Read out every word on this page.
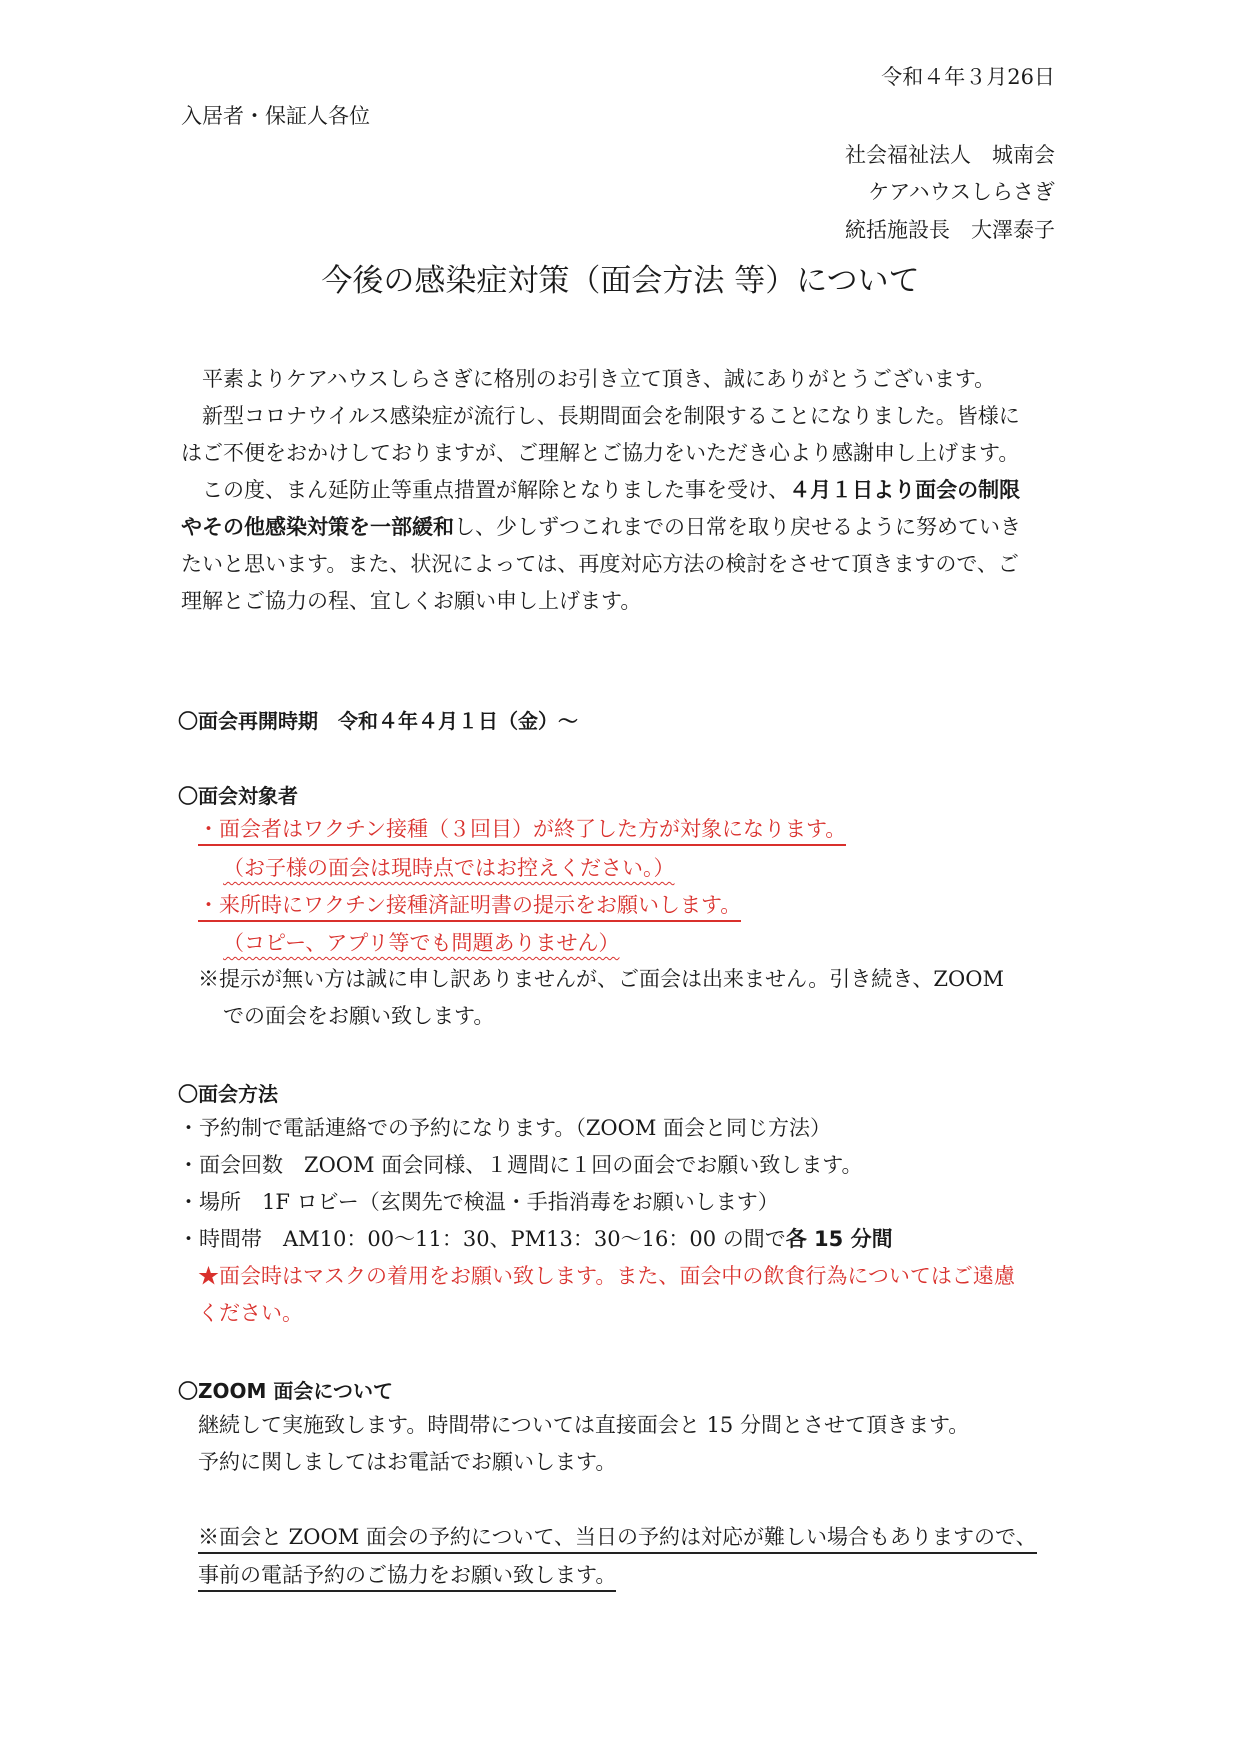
令和４年３月26日
入居者・保証人各位
社会福祉法人　城南会
ケアハウスしらさぎ
統括施設長　大澤泰子
今後の感染症対策（面会方法 等）について
平素よりケアハウスしらさぎに格別のお引き立て頂き、誠にありがとうございます。
新型コロナウイルス感染症が流行し、長期間面会を制限することになりました。皆様に
はご不便をおかけしておりますが、ご理解とご協力をいただき心より感謝申し上げます。
この度、まん延防止等重点措置が解除となりました事を受け、４月１日より面会の制限
やその他感染対策を一部緩和し、少しずつこれまでの日常を取り戻せるように努めていき
たいと思います。また、状況によっては、再度対応方法の検討をさせて頂きますので、ご
理解とご協力の程、宜しくお願い申し上げます。
〇面会再開時期　令和４年４月１日（金）～
〇面会対象者
・面会者はワクチン接種（３回目）が終了した方が対象になります。
（お子様の面会は現時点ではお控えください。）
・来所時にワクチン接種済証明書の提示をお願いします。
（コピー、アプリ等でも問題ありません）
※提示が無い方は誠に申し訳ありませんが、ご面会は出来ません。引き続き、ZOOM
での面会をお願い致します。
〇面会方法
・予約制で電話連絡での予約になります。（ZOOM 面会と同じ方法）
・面会回数　ZOOM 面会同様、１週間に１回の面会でお願い致します。
・場所　1F ロビー（玄関先で検温・手指消毒をお願いします）
・時間帯　AM10：00～11：30、PM13：30～16：00 の間で各 15 分間
★面会時はマスクの着用をお願い致します。また、面会中の飲食行為についてはご遠慮
ください。
〇ZOOM 面会について
継続して実施致します。時間帯については直接面会と 15 分間とさせて頂きます。
予約に関しましてはお電話でお願いします。
※面会と ZOOM 面会の予約について、当日の予約は対応が難しい場合もありますので、
事前の電話予約のご協力をお願い致します。
